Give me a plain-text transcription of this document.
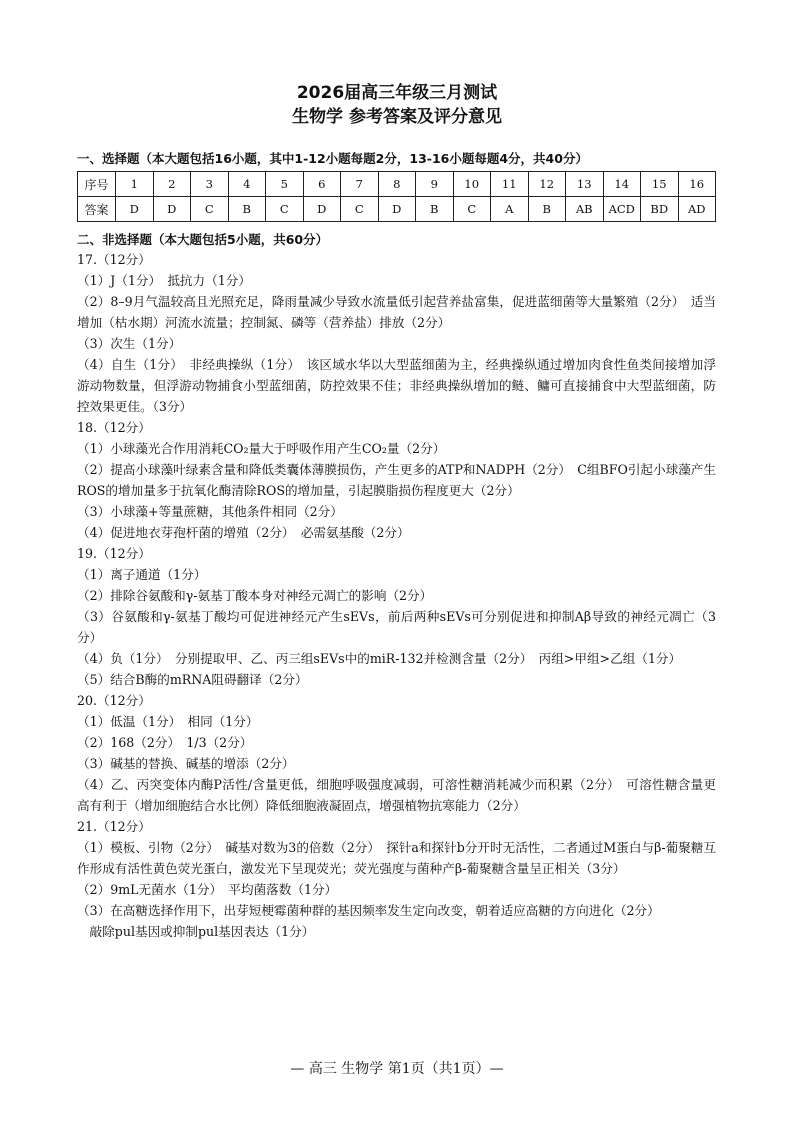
2026届高三年级三月测试
生物学 参考答案及评分意见
一、选择题（本大题包括16小题，其中1-12小题每题2分，13-16小题每题4分，共40分）
序号	1	2	3	4	5	6	7	8	9	10	11	12	13	14	15	16
答案	D	D	C	B	C	D	C	D	B	C	A	B	AB	ACD	BD	AD
二、非选择题（本大题包括5小题，共60分）

17.（12分）

（1）J（1分）　抵抗力（1分）

（2）8–9月气温较高且光照充足，降雨量减少导致水流量低引起营养盐富集，促进蓝细菌等大量繁殖（2分）　适当增加（枯水期）河流水流量；控制氮、磷等（营养盐）排放（2分）

（3）次生（1分）

（4）自生（1分）　非经典操纵（1分）　该区域水华以大型蓝细菌为主，经典操纵通过增加肉食性鱼类间接增加浮游动物数量，但浮游动物捕食小型蓝细菌，防控效果不佳；非经典操纵增加的鲢、鳙可直接捕食中大型蓝细菌，防控效果更佳。（3分）

18.（12分）

（1）小球藻光合作用消耗CO₂量大于呼吸作用产生CO₂量（2分）

（2）提高小球藻叶绿素含量和降低类囊体薄膜损伤，产生更多的ATP和NADPH（2分）　C组BFO引起小球藻产生ROS的增加量多于抗氧化酶清除ROS的增加量，引起膜脂损伤程度更大（2分）

（3）小球藻+等量蔗糖，其他条件相同（2分）

（4）促进地衣芽孢杆菌的增殖（2分）　必需氨基酸（2分）

19.（12分）

（1）离子通道（1分）

（2）排除谷氨酸和γ-氨基丁酸本身对神经元凋亡的影响（2分）

（3）谷氨酸和γ-氨基丁酸均可促进神经元产生sEVs，前后两种sEVs可分别促进和抑制Aβ导致的神经元凋亡（3分）

（4）负（1分）　分别提取甲、乙、丙三组sEVs中的miR-132并检测含量（2分）　丙组>甲组>乙组（1分）

（5）结合B酶的mRNA阻碍翻译（2分）

20.（12分）

（1）低温（1分）　相同（1分）

（2）168（2分）　1/3（2分）

（3）碱基的替换、碱基的增添（2分）

（4）乙、丙突变体内酶P活性/含量更低，细胞呼吸强度减弱，可溶性糖消耗减少而积累（2分）　可溶性糖含量更高有利于（增加细胞结合水比例）降低细胞液凝固点，增强植物抗寒能力（2分）

21.（12分）

（1）模板、引物（2分）　碱基对数为3的倍数（2分）　探针a和探针b分开时无活性，二者通过M蛋白与β-葡聚糖互作形成有活性黄色荧光蛋白，激发光下呈现荧光；荧光强度与菌种产β-葡聚糖含量呈正相关（3分）

（2）9mL无菌水（1分）　平均菌落数（1分）

（3）在高糖选择作用下，出芽短梗霉菌种群的基因频率发生定向改变，朝着适应高糖的方向进化（2分）

　敲除pul基因或抑制pul基因表达（1分）

— 高三 生物学 第1页（共1页）—
